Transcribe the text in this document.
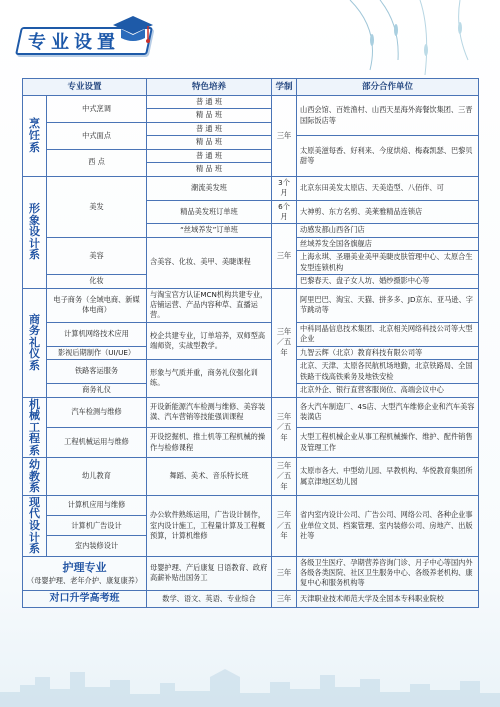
专业设置
专业设置		特色培养	学制	部分合作单位

烹
饪
系	中式烹调	普 通 班	三年	山西会馆、百姓渔村、山西天星海外海餐饮集团、三晋国际饭店等
		精 品 班		
	中式面点	普 通 班		
		精 品 班		太原美滋每香、好利来、今度烘焙、梅森凯瑟、巴黎贝甜等
	西 点	普 通 班		
		精 品 班		

形
象
设
计
系	美发	潮流美发班	3个月	北京东田美发太原店、天美造型、八佰伴、可
		精品美发班订单班	6个月	大神剪、东方名剪、美莱雅精品连锁店
		“丝域养发”订单班	三年	动感发都山西各门店
	美容	含美容、化妆、美甲、美睫课程		丝域养发全国各旗舰店
				上海永琪、圣珊美业美甲美睫皮肤管理中心、太原合生发型连锁机构
	化妆			巴黎春天、盘子女人坊、婚纱摄影中心等

商
务
礼
仪
系	电子商务（全域电商、新媒体电商）	与淘宝官方认证MCN机构共建专业，店铺运营、产品内容种草、直播运营。	三年／五年	阿里巴巴、淘宝、天猫、拼多多、JD京东、亚马逊、字节跳动等
	计算机网络技术应用	校企共建专业，订单培养，双师型高端师资，实战型教学。		中科同晶信息技术集团、北京相关网络科技公司等大型企业
	影视后期制作（UI/UE）			九智云辉（北京）教育科技有限公司等
	铁路客运服务	形象与气质并重，商务礼仪强化训练。		北京、天津、太原各民航机场地勤，北京铁路局、全国铁路干线高铁乘务及地铁安检
	商务礼仪			北京外企、银行直营客服岗位、高端会议中心

机
械
工
程
系	汽车检测与维修	开设新能源汽车检测与维修、美容装潢、汽车营销等技能强训课程	三年／五年	各大汽车制造厂、4S店、大型汽车维修企业和汽车美容装潢店
	工程机械运用与维修	开设挖掘机、推土机等工程机械的操作与检修课程		大型工程机械企业从事工程机械操作、维护、配件销售及管理工作

幼
教
系	幼儿教育	舞蹈、美术、音乐特长班	三年／五年	太原市各大、中型幼儿园、早教机构、华悦教育集团所属京津地区幼儿园

现
代
设
计
系	计算机应用与维修	办公软件熟练运用，广告设计制作，室内设计施工，工程量计算及工程概预算，计算机维修	三年／五年	省内室内设计公司、广告公司、网络公司、各种企业事业单位文员、档案管理、室内装修公司、房地产、出版社等
	计算机广告设计			
	室内装修设计			

护理专业
（母婴护理、老年介护、康复康养）		母婴护理、产后康复 日语教育、政府高薪补贴出国务工	三年	各级卫生医疗、孕期营养咨询门诊、月子中心等国内外各级各类医院、社区卫生服务中心、各级养老机构、康复中心和服务机构等
对口升学高考班		数学、语文、英语、专业综合	三年	天津职业技术师范大学及全国本专科职业院校
